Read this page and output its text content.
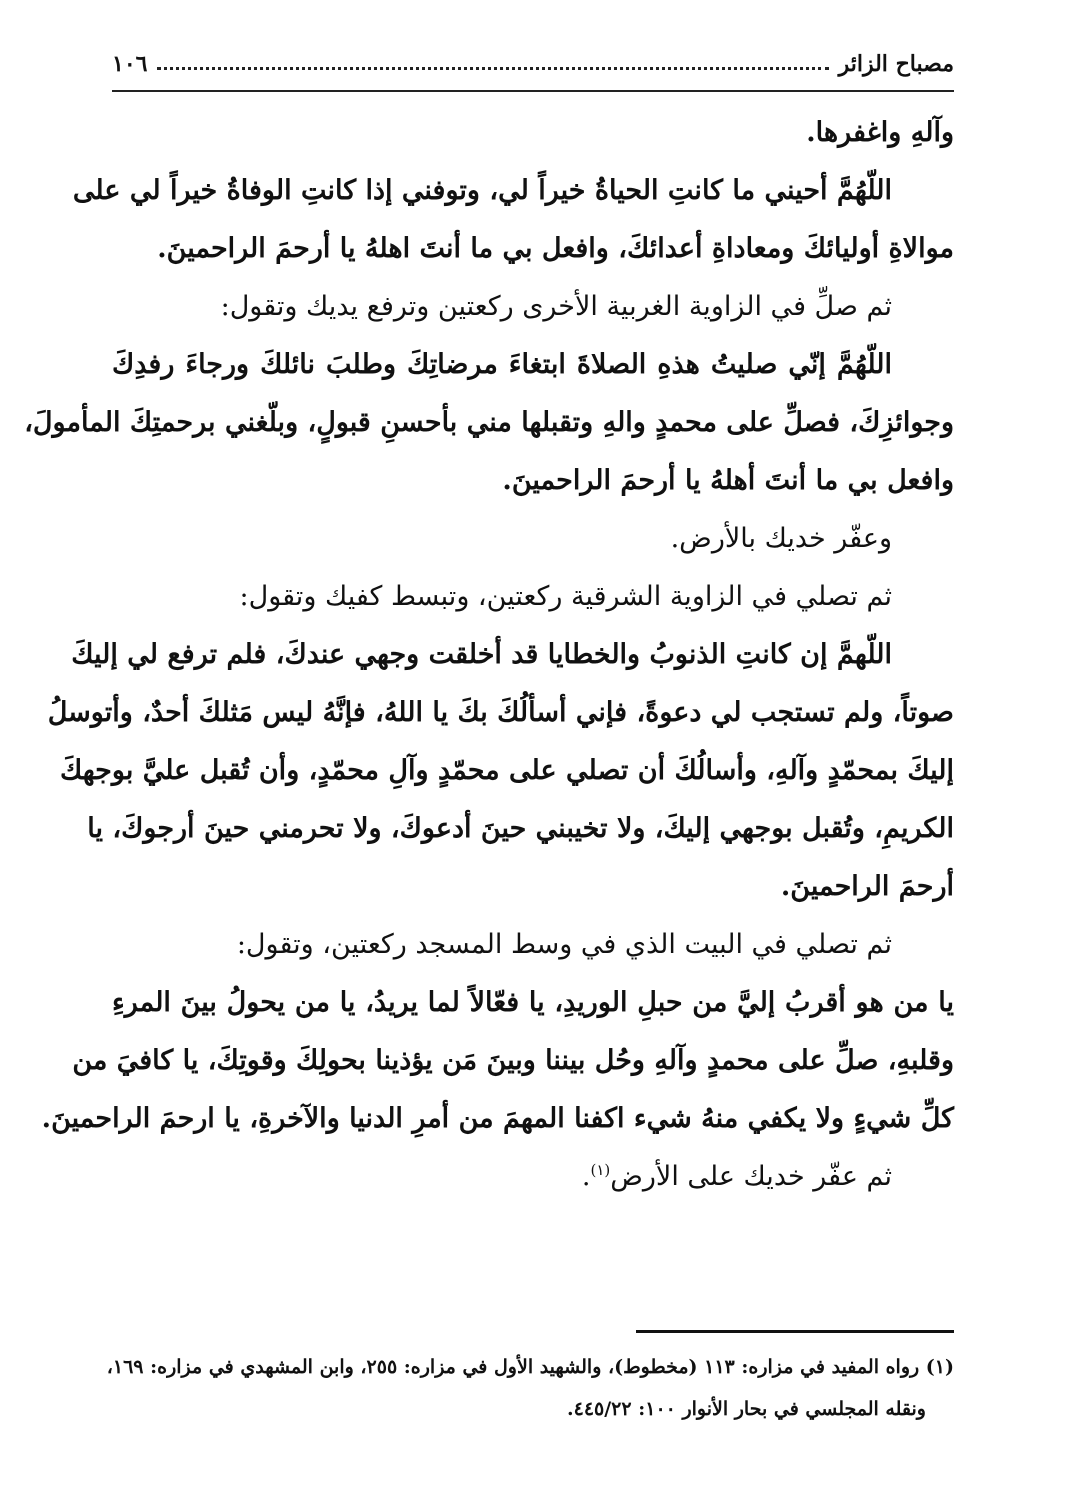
مصباح الزائر
١٠٦
وآلهِ واغفرها.
اللّهُمَّ أحيني ما كانتِ الحياةُ خيراً لي، وتوفني إذا كانتِ الوفاةُ خيراً لي على
موالاةِ أوليائكَ ومعاداةِ أعدائكَ، وافعل بي ما أنتَ اهلهُ يا أرحمَ الراحمينَ.
ثم صلِّ في الزاوية الغربية الأخرى ركعتين وترفع يديك وتقول:
اللّهُمَّ إنّي صليتُ هذهِ الصلاةَ ابتغاءَ مرضاتِكَ وطلبَ نائلكَ ورجاءَ رفدِكَ
وجوائزِكَ، فصلِّ على محمدٍ والهِ وتقبلها مني بأحسنِ قبولٍ، وبلّغني برحمتِكَ المأمولَ،
وافعل بي ما أنتَ أهلهُ يا أرحمَ الراحمينَ.
وعفّر خديك بالأرض.
ثم تصلي في الزاوية الشرقية ركعتين، وتبسط كفيك وتقول:
اللّهمَّ إن كانتِ الذنوبُ والخطايا قد أخلقت وجهي عندكَ، فلم ترفع لي إليكَ
صوتاً، ولم تستجب لي دعوةً، فإني أسألُكَ بكَ يا اللهُ، فإنَّهُ ليس مَثلكَ أحدٌ، وأتوسلُ
إليكَ بمحمّدٍ وآلهِ، وأسالُكَ أن تصلي على محمّدٍ وآلِ محمّدٍ، وأن تُقبل عليَّ بوجهكَ
الكريمِ، وتُقبل بوجهي إليكَ، ولا تخيبني حينَ أدعوكَ، ولا تحرمني حينَ أرجوكَ، يا
أرحمَ الراحمينَ.
ثم تصلي في البيت الذي في وسط المسجد ركعتين، وتقول:
يا من هو أقربُ إليَّ من حبلِ الوريدِ، يا فعّالاً لما يريدُ، يا من يحولُ بينَ المرءِ
وقلبهِ، صلِّ على محمدٍ وآلهِ وحُل بيننا وبينَ مَن يؤذينا بحولِكَ وقوتِكَ، يا كافيَ من
كلِّ شيءٍ ولا يكفي منهُ شيء اكفنا المهمَ من أمرِ الدنيا والآخرةِ، يا ارحمَ الراحمينَ.
ثم عفّر خديك على الأرض$^{(١)}$.
(١) رواه المفيد في مزاره: ١١٣ (مخطوط)، والشهيد الأول في مزاره: ٢٥٥، وابن المشهدي في مزاره: ١٦٩،
ونقله المجلسي في بحار الأنوار ١٠٠: ٤٤٥/٢٢.
